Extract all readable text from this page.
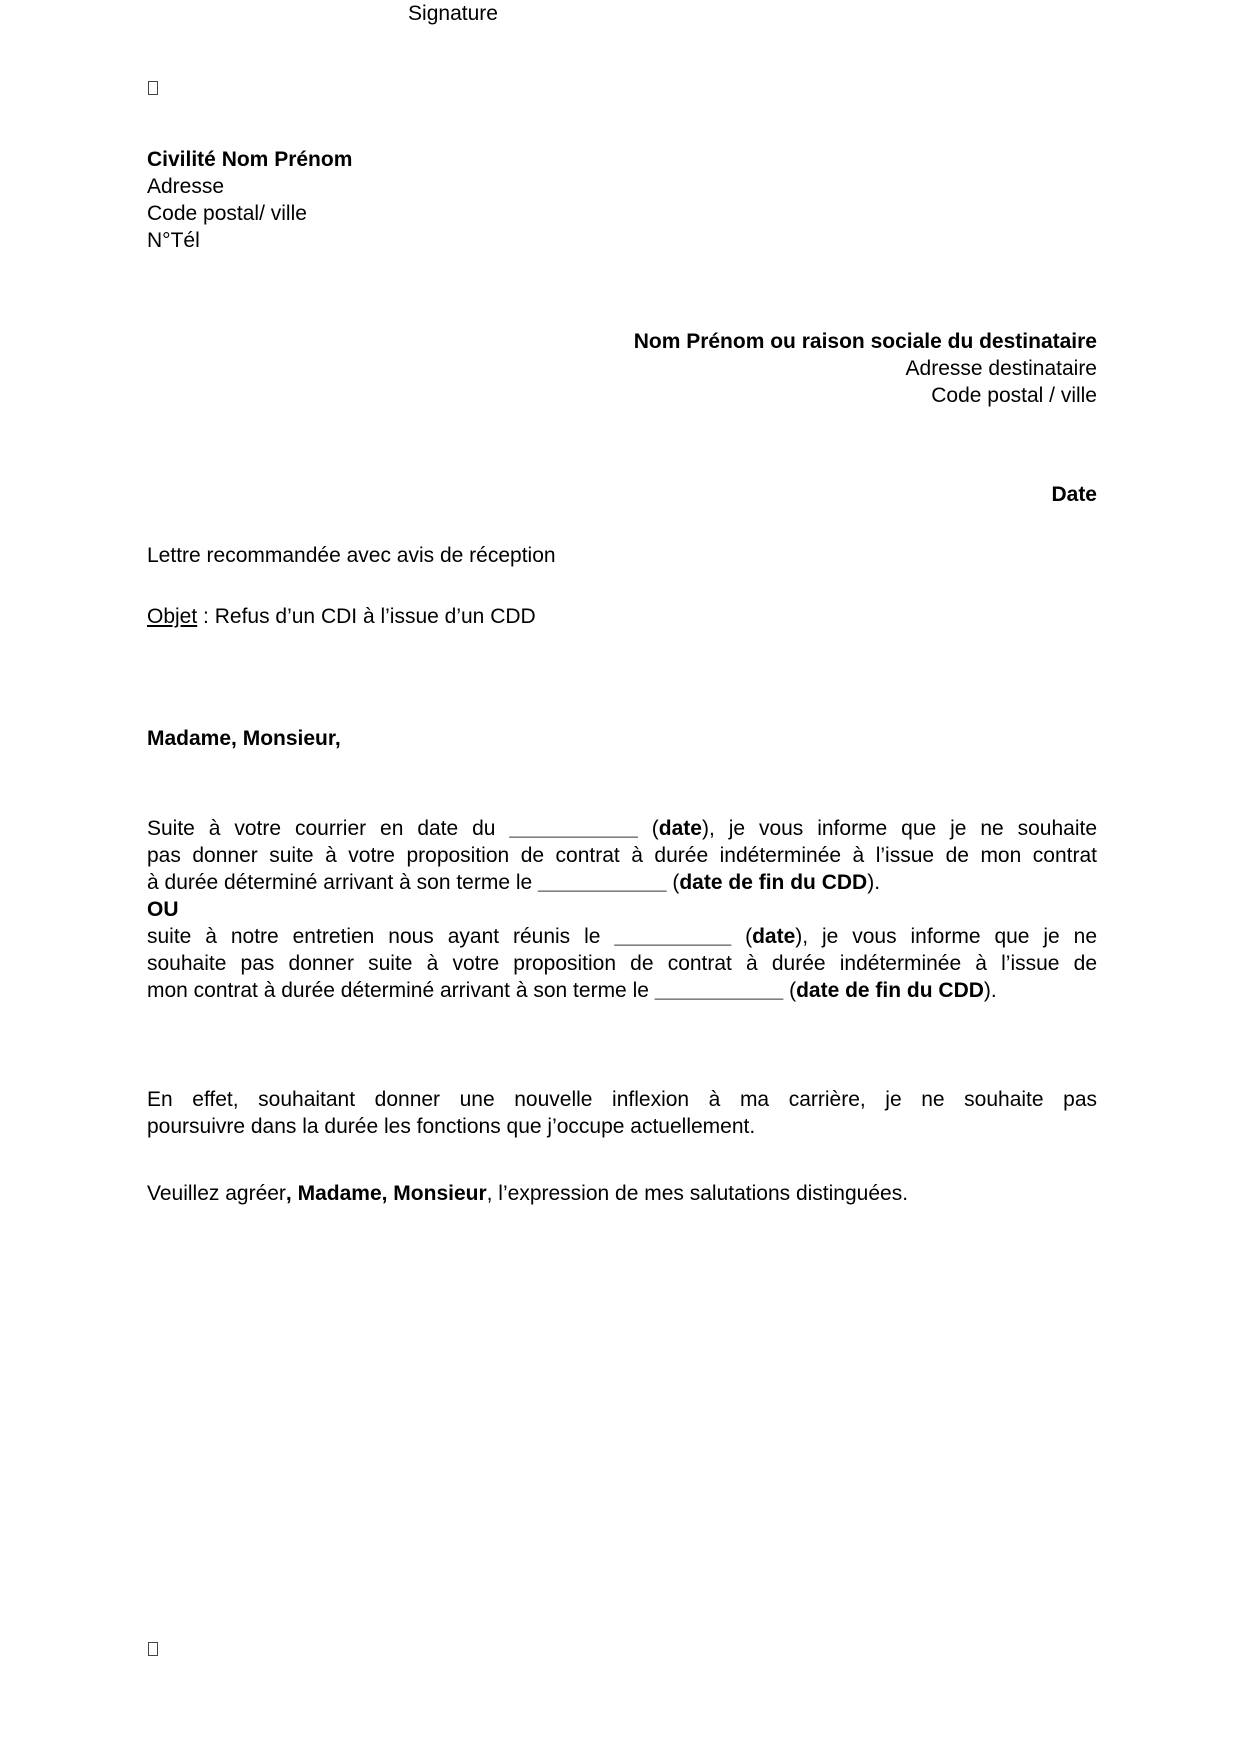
Civilité Nom Prénom
Adresse
Code postal/ ville
N°Tél
Nom Prénom ou raison sociale du destinataire
Adresse destinataire
Code postal / ville
Date
Lettre recommandée avec avis de réception
Objet : Refus d’un CDI à l’issue d’un CDD
Madame, Monsieur,
Suite à votre courrier en date du ___________ (date), je vous informe que je ne souhaite
pas donner suite à votre proposition de contrat à durée indéterminée à l’issue de mon contrat
à durée déterminé arrivant à son terme le ___________ (date de fin du CDD).
OU
suite à notre entretien nous ayant réunis le __________ (date), je vous informe que je ne
souhaite pas donner suite à votre proposition de contrat à durée indéterminée à l’issue de
mon contrat à durée déterminé arrivant à son terme le ___________ (date de fin du CDD).
En effet, souhaitant donner une nouvelle inflexion à ma carrière, je ne souhaite pas
poursuivre dans la durée les fonctions que j’occupe actuellement.
Veuillez agréer, Madame, Monsieur, l’expression de mes salutations distinguées.
Signature
